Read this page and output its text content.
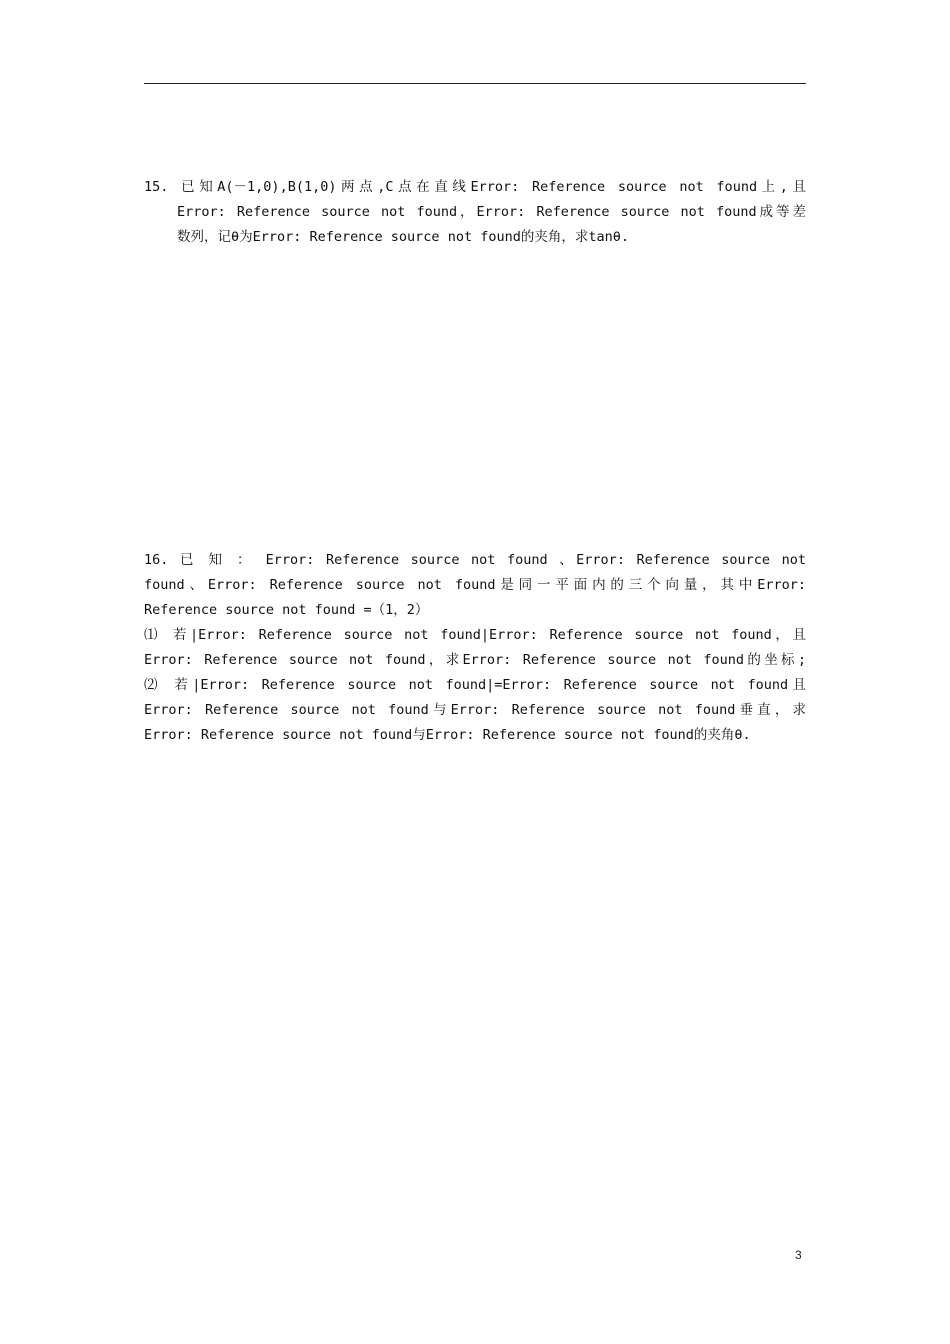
15. 已知A(－1,0),B(1,0)两点,C点在直线Error: Reference source not found上,且
Error: Reference source not found，Error: Reference source not found成等差
数列，记θ为Error: Reference source not found的夹角，求tanθ.
16. 已 知 ： Error: Reference source not found 、Error: Reference source not
found、Error: Reference source not found是同一平面内的三个向量，其中Error:
Reference source not found =（1，2）
⑴ 若|Error: Reference source not found|Error: Reference source not found，且
Error: Reference source not found，求Error: Reference source not found的坐标;
⑵ 若|Error: Reference source not found|=Error: Reference source not found且
Error: Reference source not found与Error: Reference source not found垂直，求
Error: Reference source not found与Error: Reference source not found的夹角θ.
3
